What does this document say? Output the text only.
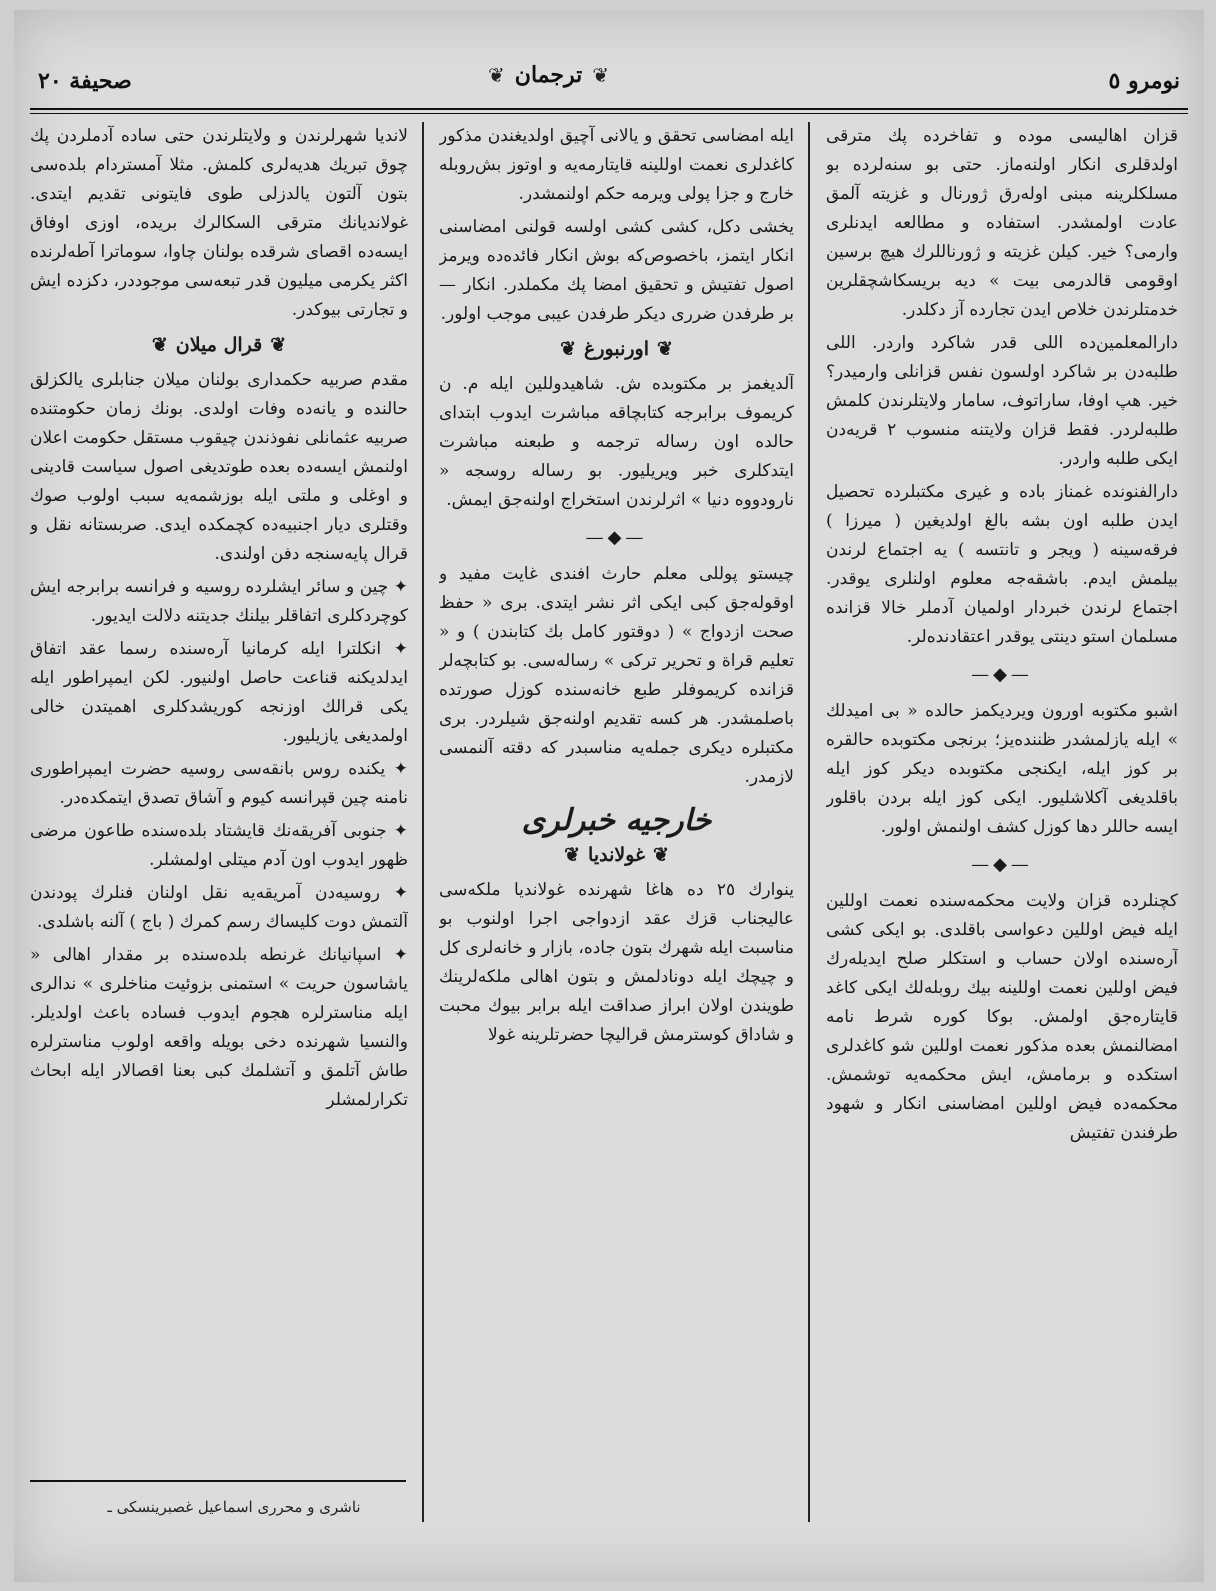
نومرو ٥
❦
ترجمان
❦
صحيفة ٢٠

قزان اهالیسی موده و تفاخرده پك مترقی اولدقلری انکار اولنه‌ماز. حتی بو سنه‌لرده بو مسلکلرینه مبنی اوله‌رق ژورنال و غزیته آلمق عادت اولمشدر. استفاده و مطالعه ایدنلری وارمی؟ خیر. کیلن غزیته و ژورناللرك هیچ برسین اوقومی قالدرمی بیت » دیه بریسکاشچقلرین خدمتلرندن خلاص ایدن تجارده آز دکلدر.

دارالمعلمین‌ده اللی قدر شاکرد واردر. اللی طلبه‌دن بر شاکرد اولسون نفس قزانلی وارمیدر؟ خیر. هپ اوفا، ساراتوف، سامار ولایتلرندن کلمش طلبه‌لردر. فقط قزان ولایتنه منسوب ٢ قریه‌دن ایکی طلبه واردر.

دارالفنونده غمناز باده و غیری مکتبلرده تحصیل ایدن طلبه اون بشه بالغ اولدیغین ( میرزا ) فرقه‌سینه ( ویجر و تانتسه ) یه اجتماع لرندن بیلمش ایدم. باشقه‌جه معلوم اولنلری یوقدر. اجتماع لرندن خبردار اولمیان آدملر خالا قزانده مسلمان استو دینتی یوقدر اعتقادنده‌لر.

—◆—

اشبو مکتوبه اورون ویردیکمز حالده « بی امیدلك » ایله یازلمشدر ظننده‌یز؛ برنجی مکتوبده حالقره بر کوز ایله، ایکنجی مکتوبده دیکر کوز ایله باقلدیغی آکلاشلیور. ایکی کوز ایله بردن باقلور ایسه حاللر دها کوزل کشف اولنمش اولور.

—◆—

کچنلرده قزان ولایت محکمه‌سنده نعمت اوللین ایله فیض اوللین دعواسی باقلدی. بو ایکی کشی آره‌سنده اولان حساب و استکلر صلح ایدیله‌رك فیض اوللین نعمت اوللینه بیك روبله‌لك ایکی کاغد قایتاره‌جق اولمش. بوکا کوره شرط نامه امضالنمش بعده مذکور نعمت اوللین شو کاغدلری استکده و برمامش، ایش محکمه‌یه توشمش. محکمه‌ده فیض اوللین امضاسنی انکار و شهود طرفندن تفتیش

ایله امضاسی تحقق و یالانی آچیق اولدیغندن مذکور کاغدلری نعمت اوللینه قایتارمه‌یه و اوتوز بش‌روبله خارج و جزا پولی ویرمه حکم اولنمشدر.

یخشی دکل، کشی کشی اولسه قولنی امضاسنی انکار ایتمز، باخصوص‌که بوش انکار فائده‌ده ویرمز اصول تفتیش و تحقیق امضا پك مکملدر. انکار — بر طرفدن ضرری دیکر طرفدن عیبی موجب اولور.

❦
اورنبورغ
❦

آلدیغمز بر مکتوبده ش. شاهیدوللین ایله م. ن کریموف برابرجه کتابچاقه مباشرت ایدوب ابتدای حالده اون رساله ترجمه و طبعنه مباشرت ایتدکلری خبر ویریلیور. بو رساله روسجه « نارودووه دنیا » اثرلرندن استخراج اولنه‌جق ایمش.

—◆—

چیستو پوللی معلم حارث افندی غایت مفید و اوقوله‌جق کبی ایکی اثر نشر ایتدی. بری « حفظ صحت ازدواج » ( دوقتور کامل بك کتابندن ) و « تعلیم قراة و تحریر ترکی » رساله‌سی. بو کتابچه‌لر قزانده کریموفلر طبع خانه‌سنده کوزل صورتده باصلمشدر. هر کسه تقدیم اولنه‌جق شیلردر. بری مکتبلره دیکری جمله‌یه مناسبدر که دقته آلنمسی لازمدر.

خارجیه خبرلری
❦
غولاندیا
❦

ینوارك ٢٥ ده هاغا شهرنده غولاندیا ملکه‌سی عالیجناب قزك عقد ازدواجی اجرا اولنوب بو مناسبت ایله شهرك بتون جاده، بازار و خانه‌لری کل و چیچك ایله دونادلمش و بتون اهالی ملکه‌لرینك طویندن اولان ابراز صداقت ایله برابر بیوك محبت و شاداق کوسترمش قرالیچا حضرتلرینه غولا

لاندیا شهرلرندن و ولایتلرندن حتی ساده آدملردن پك چوق تبریك هدیه‌لری کلمش. مثلا آمستردام بلده‌سی بتون آلتون یالدزلی طوی فایتونی تقدیم ایتدی. غولاندیانك مترقی السکالرك بریده، اوزی اوفاق ایسه‌ده اقصای شرقده بولنان چاوا، سوماترا آطه‌لرنده اکثر یکرمی میلیون قدر تبعه‌سی موجوددر، دکزده ایش و تجارتی بیوکدر.

❦
قرال میلان
❦

مقدم صربیه حکمداری بولنان میلان جنابلری یالکزلق حالنده و یانه‌ده وفات اولدی. بونك زمان حکومتنده صربیه عثمانلی نفوذندن چیقوب مستقل حکومت اعلان اولنمش ایسه‌ده بعده طوتدیغی اصول سیاست قادینی و اوغلی و ملتی ایله بوزشمه‌یه سبب اولوب صوك وقتلری دیار اجنبیه‌ده کچمکده ایدی. صربستانه نقل و قرال پایه‌سنجه دفن اولندی.

✦ چین و سائر ایشلرده روسیه و فرانسه برابرجه ایش کوچردکلری اتفاقلر بیلنك جدیتنه دلالت ایدیور.

✦ انکلترا ایله کرمانیا آره‌سنده رسما عقد اتفاق ایدلدیکنه قناعت حاصل اولنیور. لکن ایمپراطور ایله یکی قرالك اوزنجه کوریشدکلری اهمیتدن خالی اولمدیغی یازیلیور.

✦ یکنده روس بانقه‌سی روسیه حضرت ایمپراطوری نامنه چین قپرانسه کیوم و آشاق تصدق ایتمکده‌در.

✦ جنوبی آفریقه‌نك قایشتاد بلده‌سنده طاعون مرضی ظهور ایدوب اون آدم میتلی اولمشلر.

✦ روسیه‌دن آمریقه‌یه نقل اولنان فنلرك پودندن آلتمش دوت کلیساك رسم کمرك ( باج ) آلنه باشلدی.

✦ اسپانیانك غرنطه بلده‌سنده بر مقدار اهالی « یاشاسون حریت » استمنی بزوئیت مناخلری » ندالری ایله مناسترلره هجوم ایدوب فساده باعث اولدیلر. والنسیا شهرنده دخی بویله واقعه اولوب مناسترلره طاش آتلمق و آتشلمك کبی بعنا اقصالار ایله ابحاث تکرارلمشلر

ناشرى و محررى اسماعیل غصبرینسکی ـ
